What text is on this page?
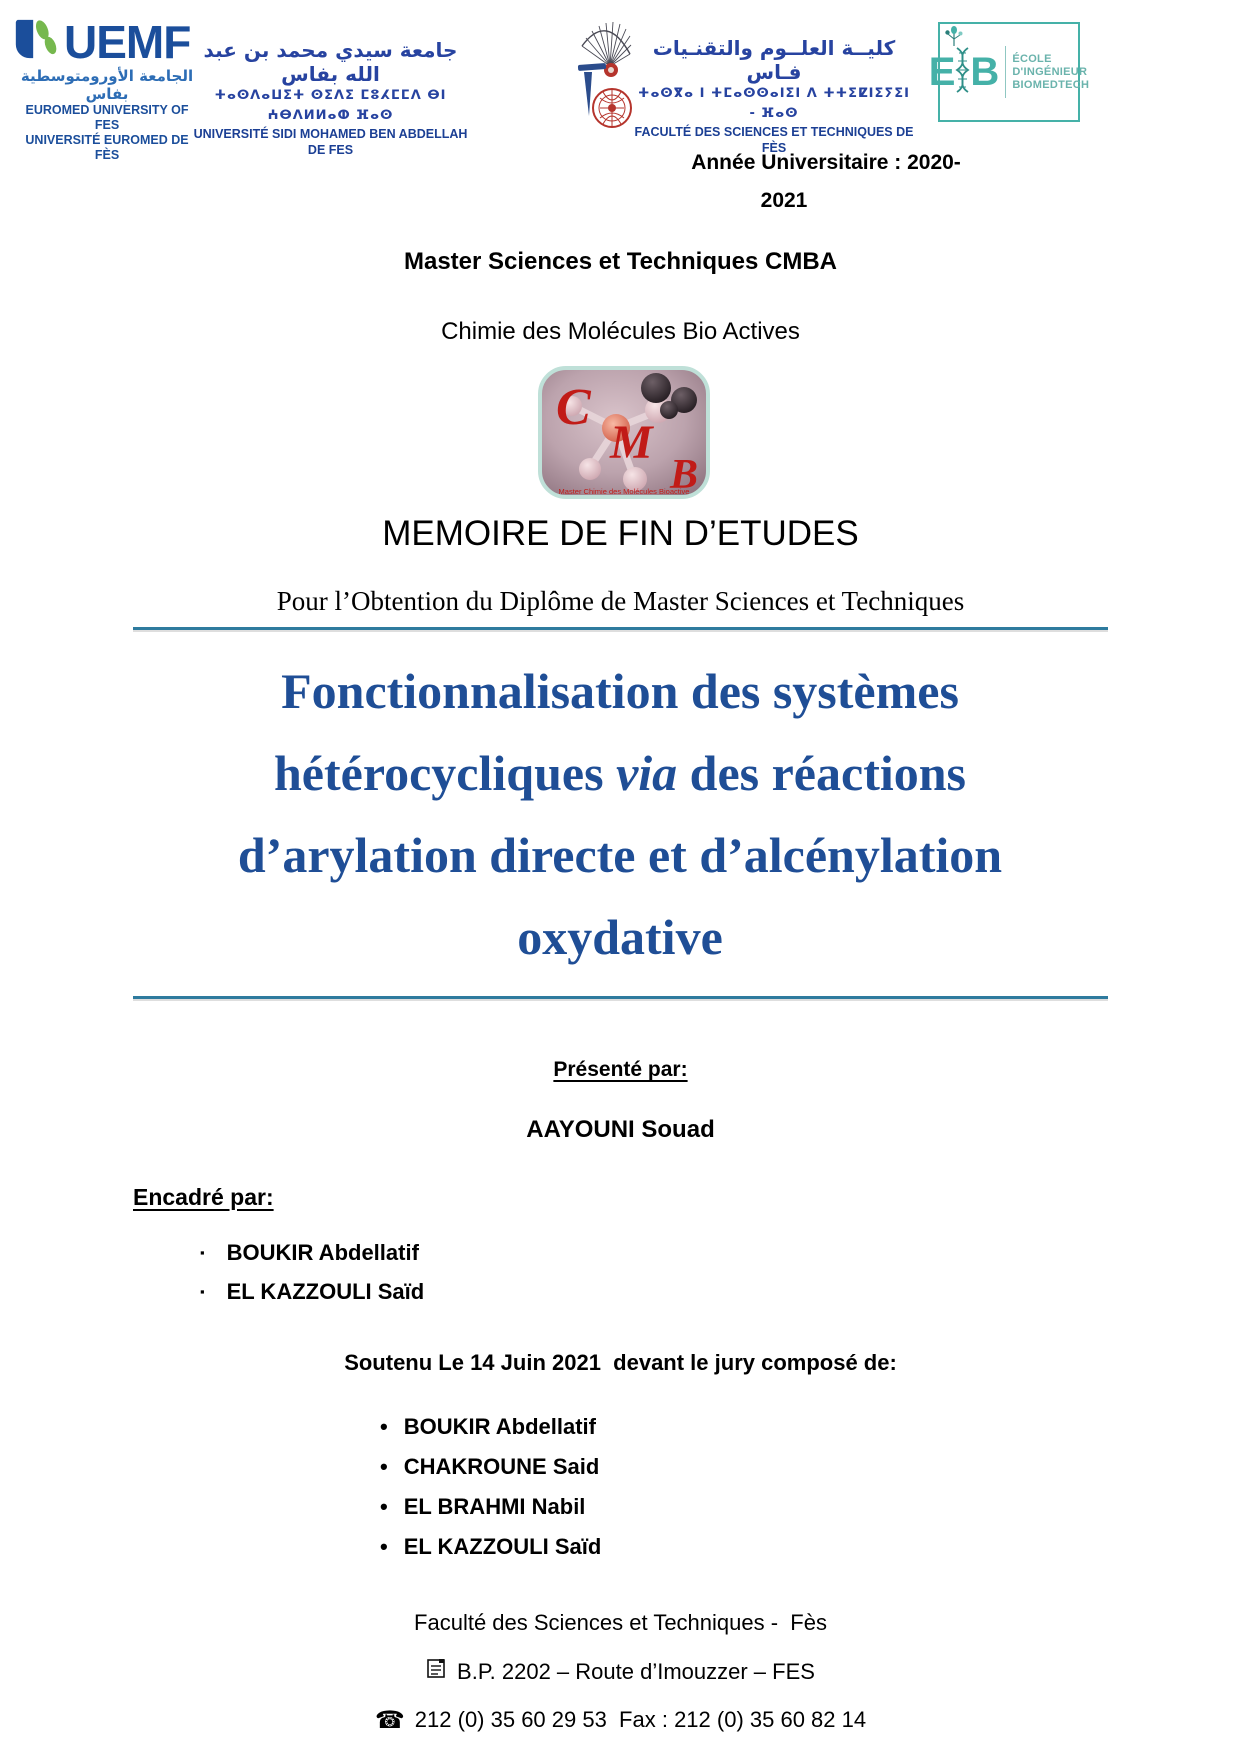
UEMF
الجامعة الأورومتوسطية بفاس
EUROMED UNIVERSITY OF FES
UNIVERSITÉ EUROMED DE FÈS
جامعة سيدي محمد بن عبد الله بفاس
ⵜⴰⵙⴷⴰⵡⵉⵜ ⵙⵉⴷⵉ ⵎⵓⵃⵎⵎⴷ ⴱⵏ ⵄⴱⴷⵍⵍⴰⵀ ⴼⴰⵙ
UNIVERSITÉ SIDI MOHAMED BEN ABDELLAH DE FES
كليــة العلــوم والتقنـيات فـاس
ⵜⴰⵙⴳⴰ ⵏ ⵜⵎⴰⵙⵙⴰⵏⵉⵏ ⴷ ⵜⵜⵉⵇⵏⵉⵢⵉⵏ - ⴼⴰⵙ
FACULTÉ DES SCIENCES ET TECHNIQUES DE FÈS
E B ÉCOLE
D'INGÉNIEUR
BIOMEDTECH
Année Universitaire : 2020-
2021
Master Sciences et Techniques CMBA
Chimie des Molécules Bio Actives
C
M
B
Master Chimie des Molécules Bioactive
MEMOIRE DE FIN D’ETUDES
Pour l’Obtention du Diplôme de Master Sciences et Techniques
Fonctionnalisation des systèmes
hétérocycliques via des réactions
d’arylation directe et d’alcénylation
oxydative
Présenté par:
AAYOUNI Souad
Encadré par:
▪ BOUKIR Abdellatif
▪ EL KAZZOULI Saïd
Soutenu Le 14 Juin 2021  devant le jury composé de:
• BOUKIR Abdellatif
• CHAKROUNE Said
• EL BRAHMI Nabil
• EL KAZZOULI Saïd
Faculté des Sciences et Techniques -  Fès
B.P. 2202 – Route d’Imouzzer – FES
☎ 212 (0) 35 60 29 53  Fax : 212 (0) 35 60 82 14
